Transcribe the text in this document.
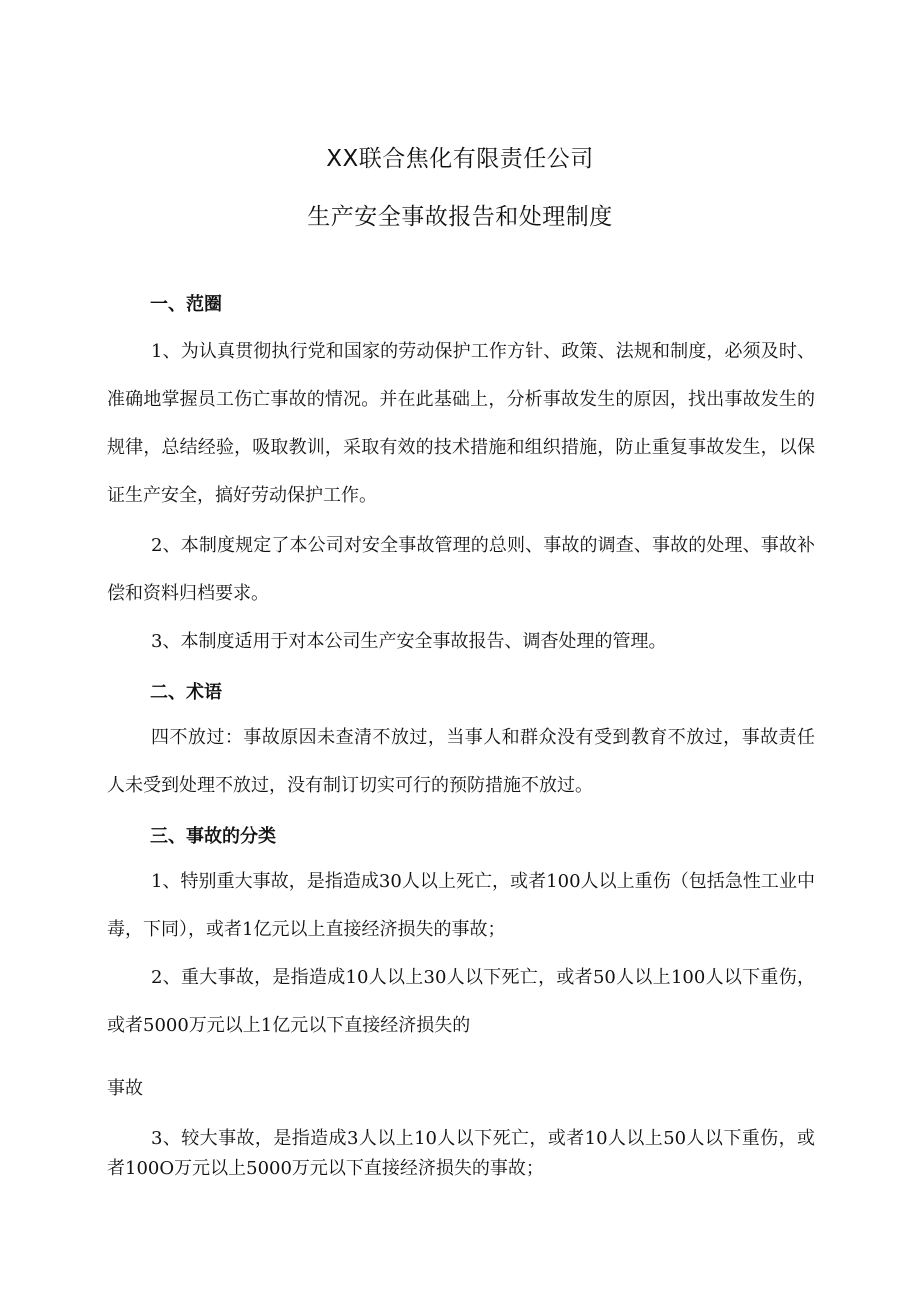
XX联合焦化有限责任公司
生产安全事故报告和处理制度
一、范圈

1、为认真贯彻执行党和国家的劳动保护工作方针、政策、法规和制度，必须及时、准确地掌握员工伤亡事故的情况。并在此基础上，分析事故发生的原因，找出事故发生的规律，总结经验，吸取教训，采取有效的技术措施和组织措施，防止重复事故发生，以保证生产安全，搞好劳动保护工作。

2、本制度规定了本公司对安全事故管理的总则、事故的调查、事故的处理、事故补偿和资料归档要求。

3、本制度适用于对本公司生产安全事故报告、调杳处理的管理。

二、术语

四不放过：事故原因未查清不放过，当事人和群众没有受到教育不放过，事故责任人未受到处理不放过，没有制订切实可行的预防措施不放过。

三、事故的分类

1、特别重大事故，是指造成30人以上死亡，或者100人以上重伤（包括急性工业中毒，下同），或者1亿元以上直接经济损失的事故；

2、重大事故，是指造成10人以上30人以下死亡，或者50人以上100人以下重伤，或者5000万元以上1亿元以下直接经济损失的

事故

3、较大事故，是指造成3人以上10人以下死亡，或者10人以上50人以下重伤，或者100O万元以上5000万元以下直接经济损失的事故；
